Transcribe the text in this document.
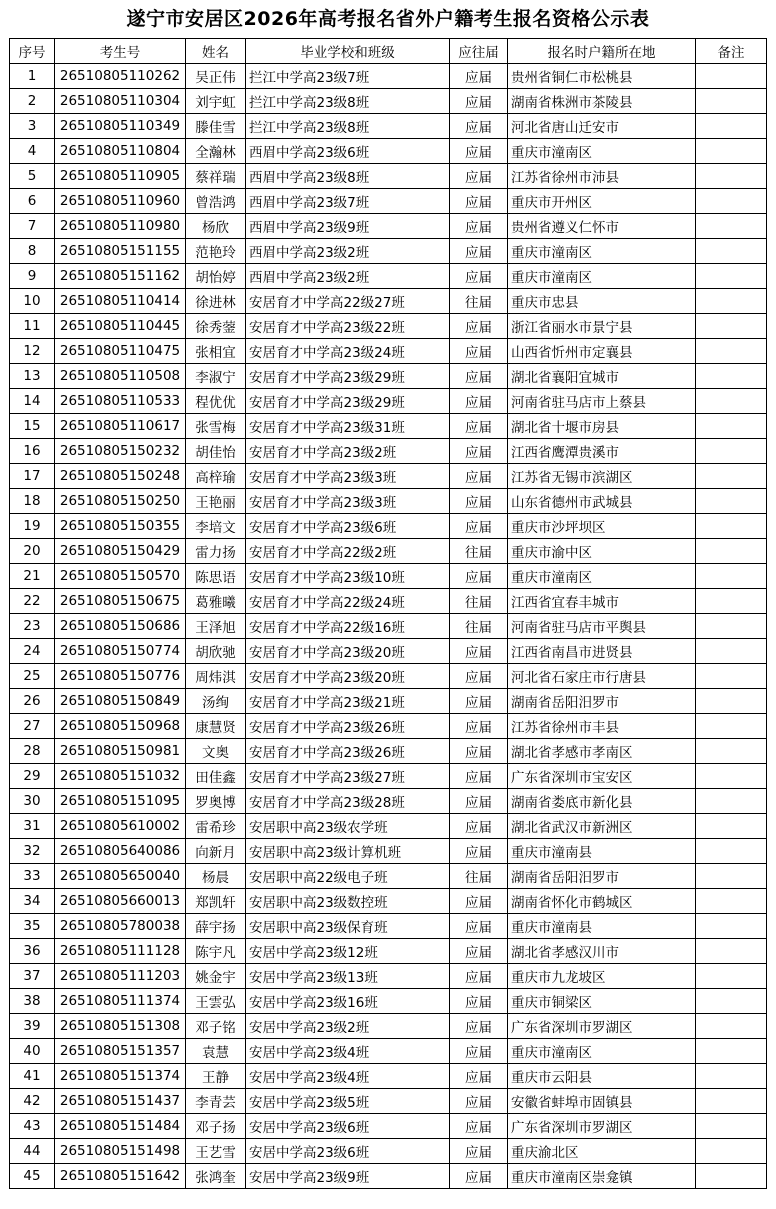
遂宁市安居区2026年高考报名省外户籍考生报名资格公示表
序号	考生号	姓名	毕业学校和班级	应往届	报名时户籍所在地	备注
1	26510805110262	吴正伟	拦江中学高23级7班	应届	贵州省铜仁市松桃县	
2	26510805110304	刘宇虹	拦江中学高23级8班	应届	湖南省株洲市茶陵县	
3	26510805110349	滕佳雪	拦江中学高23级8班	应届	河北省唐山迁安市	
4	26510805110804	全瀚林	西眉中学高23级6班	应届	重庆市潼南区	
5	26510805110905	蔡祥瑞	西眉中学高23级8班	应届	江苏省徐州市沛县	
6	26510805110960	曾浩鸿	西眉中学高23级7班	应届	重庆市开州区	
7	26510805110980	杨欣	西眉中学高23级9班	应届	贵州省遵义仁怀市	
8	26510805151155	范艳玲	西眉中学高23级2班	应届	重庆市潼南区	
9	26510805151162	胡怡婷	西眉中学高23级2班	应届	重庆市潼南区	
10	26510805110414	徐进林	安居育才中学高22级27班	往届	重庆市忠县	
11	26510805110445	徐秀蓥	安居育才中学高23级22班	应届	浙江省丽水市景宁县	
12	26510805110475	张相宜	安居育才中学高23级24班	应届	山西省忻州市定襄县	
13	26510805110508	李淑宁	安居育才中学高23级29班	应届	湖北省襄阳宜城市	
14	26510805110533	程优优	安居育才中学高23级29班	应届	河南省驻马店市上蔡县	
15	26510805110617	张雪梅	安居育才中学高23级31班	应届	湖北省十堰市房县	
16	26510805150232	胡佳怡	安居育才中学高23级2班	应届	江西省鹰潭贵溪市	
17	26510805150248	高梓瑜	安居育才中学高23级3班	应届	江苏省无锡市滨湖区	
18	26510805150250	王艳丽	安居育才中学高23级3班	应届	山东省德州市武城县	
19	26510805150355	李培文	安居育才中学高23级6班	应届	重庆市沙坪坝区	
20	26510805150429	雷力扬	安居育才中学高22级2班	往届	重庆市渝中区	
21	26510805150570	陈思语	安居育才中学高23级10班	应届	重庆市潼南区	
22	26510805150675	葛雅曦	安居育才中学高22级24班	往届	江西省宜春丰城市	
23	26510805150686	王泽旭	安居育才中学高22级16班	往届	河南省驻马店市平舆县	
24	26510805150774	胡欣驰	安居育才中学高23级20班	应届	江西省南昌市进贤县	
25	26510805150776	周炜淇	安居育才中学高23级20班	应届	河北省石家庄市行唐县	
26	26510805150849	汤绚	安居育才中学高23级21班	应届	湖南省岳阳汨罗市	
27	26510805150968	康慧贤	安居育才中学高23级26班	应届	江苏省徐州市丰县	
28	26510805150981	文奥	安居育才中学高23级26班	应届	湖北省孝感市孝南区	
29	26510805151032	田佳鑫	安居育才中学高23级27班	应届	广东省深圳市宝安区	
30	26510805151095	罗奥博	安居育才中学高23级28班	应届	湖南省娄底市新化县	
31	26510805610002	雷希珍	安居职中高23级农学班	应届	湖北省武汉市新洲区	
32	26510805640086	向新月	安居职中高23级计算机班	应届	重庆市潼南县	
33	26510805650040	杨晨	安居职中高22级电子班	往届	湖南省岳阳汨罗市	
34	26510805660013	郑凯轩	安居职中高23级数控班	应届	湖南省怀化市鹤城区	
35	26510805780038	薛宇扬	安居职中高23级保育班	应届	重庆市潼南县	
36	26510805111128	陈宇凡	安居中学高23级12班	应届	湖北省孝感汉川市	
37	26510805111203	姚金宇	安居中学高23级13班	应届	重庆市九龙坡区	
38	26510805111374	王雲弘	安居中学高23级16班	应届	重庆市铜梁区	
39	26510805151308	邓子铭	安居中学高23级2班	应届	广东省深圳市罗湖区	
40	26510805151357	袁慧	安居中学高23级4班	应届	重庆市潼南区	
41	26510805151374	王静	安居中学高23级4班	应届	重庆市云阳县	
42	26510805151437	李青芸	安居中学高23级5班	应届	安徽省蚌埠市固镇县	
43	26510805151484	邓子扬	安居中学高23级6班	应届	广东省深圳市罗湖区	
44	26510805151498	王艺雪	安居中学高23级6班	应届	重庆渝北区	
45	26510805151642	张鸿奎	安居中学高23级9班	应届	重庆市潼南区崇龛镇	
